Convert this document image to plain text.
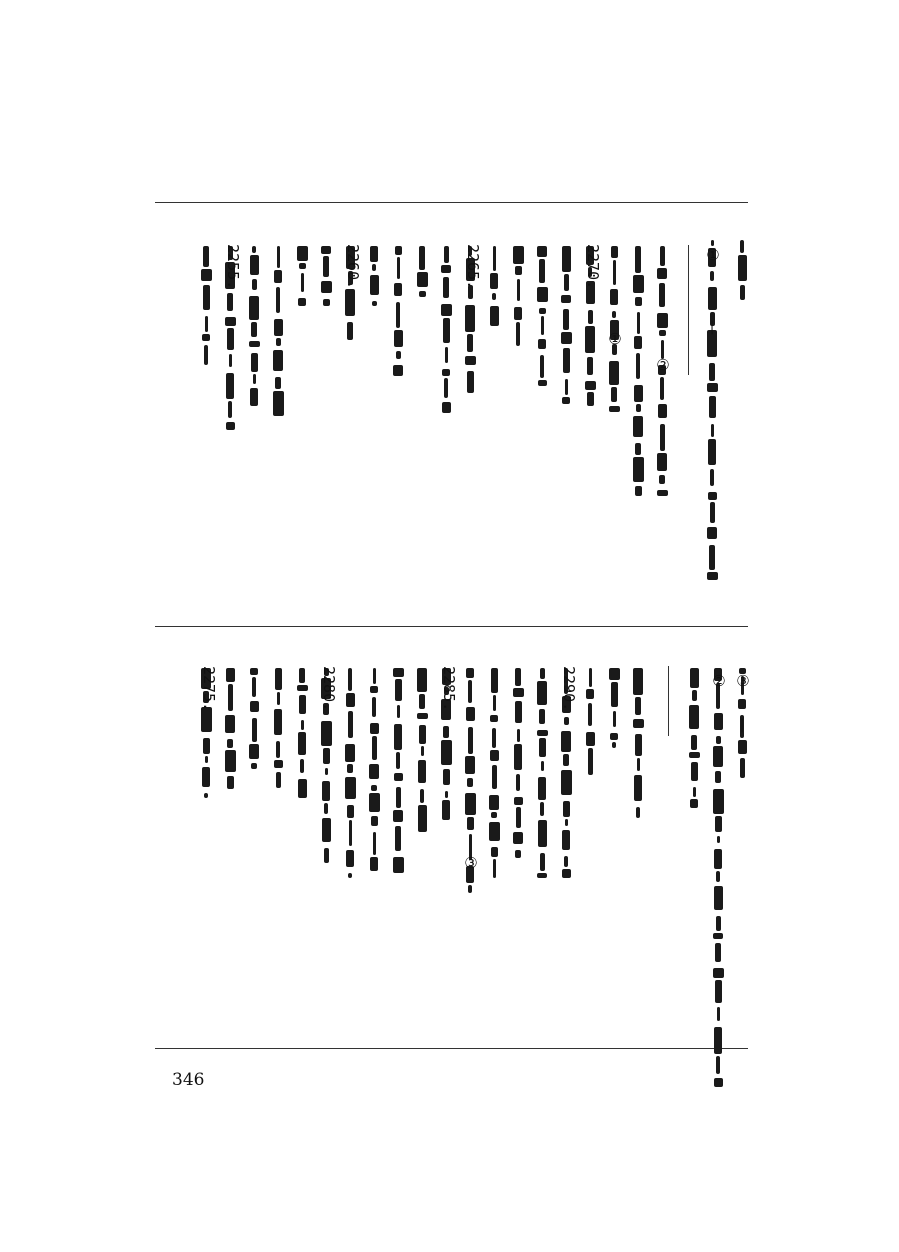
①
—
②
①
2270.
2265.
2260.
2255.
③
②
—
③
2290.
2285.
2280.
2275.
346
